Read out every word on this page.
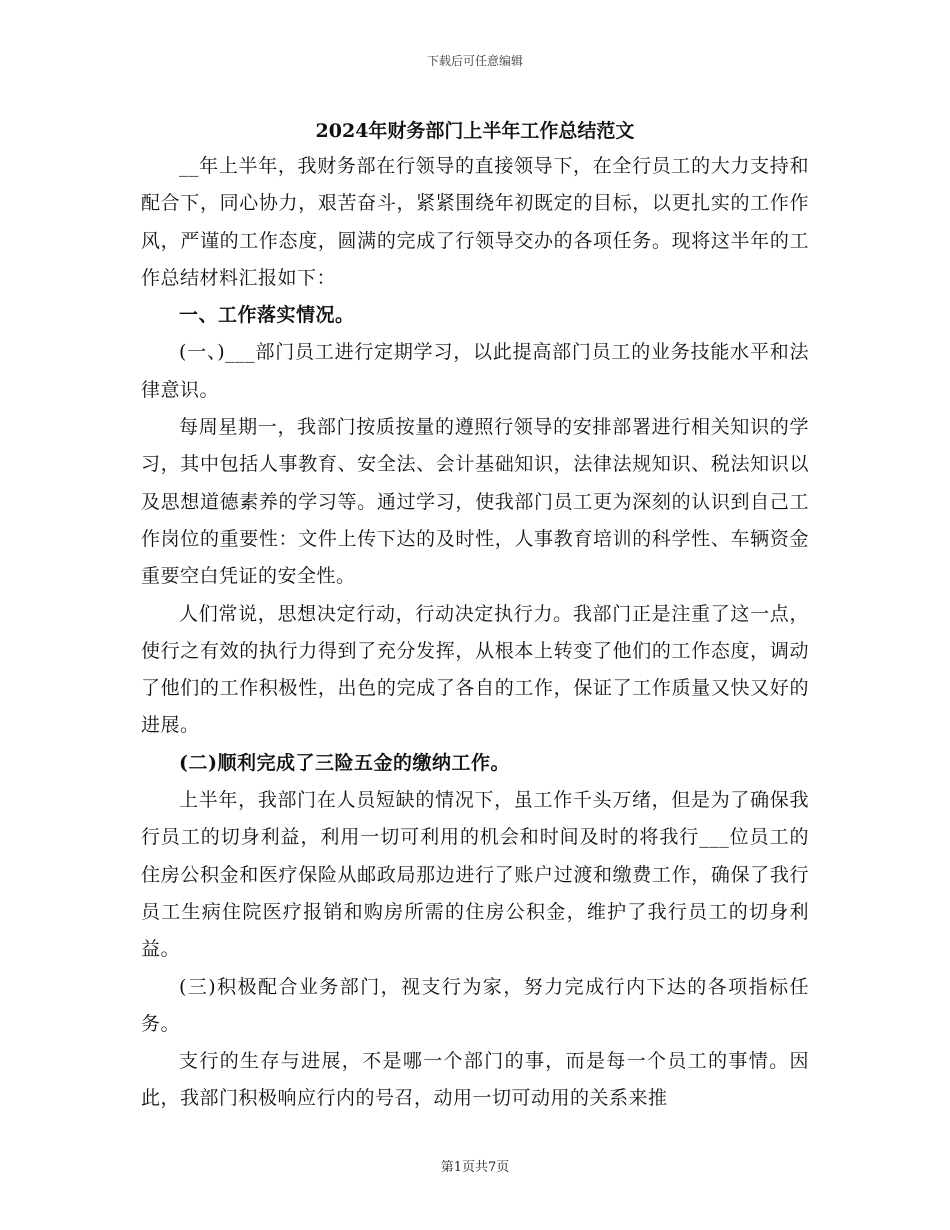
下载后可任意编辑
2024年财务部门上半年工作总结范文

__年上半年，我财务部在行领导的直接领导下，在全行员工的大力支持和配合下，同心协力，艰苦奋斗，紧紧围绕年初既定的目标，以更扎实的工作作风，严谨的工作态度，圆满的完成了行领导交办的各项任务。现将这半年的工作总结材料汇报如下：

一、工作落实情况。

(一、)___部门员工进行定期学习，以此提高部门员工的业务技能水平和法律意识。

每周星期一，我部门按质按量的遵照行领导的安排部署进行相关知识的学习，其中包括人事教育、安全法、会计基础知识，法律法规知识、税法知识以及思想道德素养的学习等。通过学习，使我部门员工更为深刻的认识到自己工作岗位的重要性：文件上传下达的及时性，人事教育培训的科学性、车辆资金重要空白凭证的安全性。

人们常说，思想决定行动，行动决定执行力。我部门正是注重了这一点，使行之有效的执行力得到了充分发挥，从根本上转变了他们的工作态度，调动了他们的工作积极性，出色的完成了各自的工作，保证了工作质量又快又好的进展。

(二)顺利完成了三险五金的缴纳工作。

上半年，我部门在人员短缺的情况下，虽工作千头万绪，但是为了确保我行员工的切身利益，利用一切可利用的机会和时间及时的将我行___位员工的住房公积金和医疗保险从邮政局那边进行了账户过渡和缴费工作，确保了我行员工生病住院医疗报销和购房所需的住房公积金，维护了我行员工的切身利益。

(三)积极配合业务部门，视支行为家，努力完成行内下达的各项指标任务。

支行的生存与进展，不是哪一个部门的事，而是每一个员工的事情。因此，我部门积极响应行内的号召，动用一切可动用的关系来推

第1页共7页
